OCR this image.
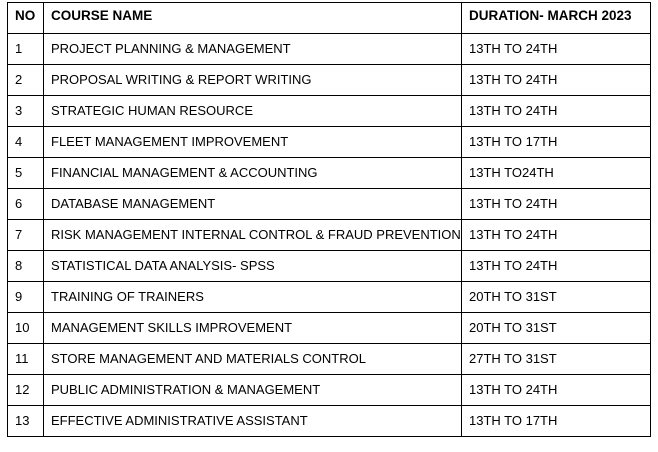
NO	COURSE NAME	DURATION- MARCH 2023
1	PROJECT PLANNING & MANAGEMENT	13TH TO 24TH
2	PROPOSAL WRITING & REPORT WRITING	13TH TO 24TH
3	STRATEGIC HUMAN RESOURCE	13TH TO 24TH
4	FLEET MANAGEMENT IMPROVEMENT	13TH TO 17TH
5	FINANCIAL MANAGEMENT & ACCOUNTING	13TH TO24TH
6	DATABASE MANAGEMENT	13TH TO 24TH
7	RISK MANAGEMENT INTERNAL CONTROL & FRAUD PREVENTION	13TH TO 24TH
8	STATISTICAL DATA ANALYSIS- SPSS	13TH TO 24TH
9	TRAINING OF TRAINERS	20TH TO 31ST
10	MANAGEMENT SKILLS IMPROVEMENT	20TH TO 31ST
11	STORE MANAGEMENT AND MATERIALS CONTROL	27TH TO 31ST
12	PUBLIC ADMINISTRATION & MANAGEMENT	13TH TO 24TH
13	EFFECTIVE ADMINISTRATIVE ASSISTANT	13TH TO 17TH
